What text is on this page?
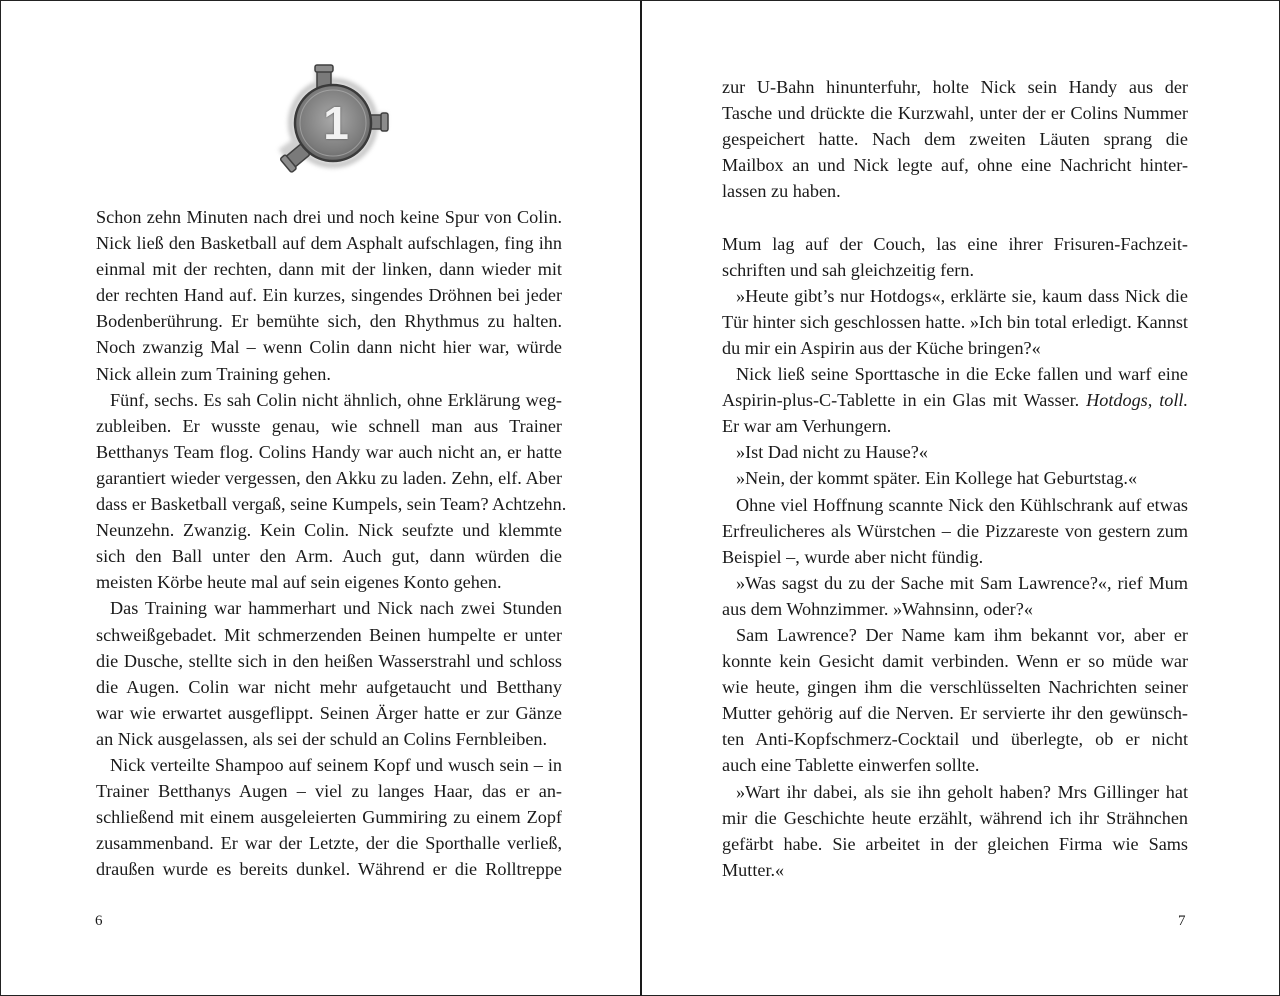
1
Schon zehn Minuten nach drei und noch keine Spur von Colin.
Nick ließ den Basketball auf dem Asphalt aufschlagen, fing ihn
einmal mit der rechten, dann mit der linken, dann wieder mit
der rechten Hand auf. Ein kurzes, singendes Dröhnen bei jeder
Bodenberührung. Er bemühte sich, den Rhythmus zu halten.
Noch zwanzig Mal – wenn Colin dann nicht hier war, würde
Nick allein zum Training gehen.
Fünf, sechs. Es sah Colin nicht ähnlich, ohne Erklärung weg-
zubleiben. Er wusste genau, wie schnell man aus Trainer
Betthanys Team flog. Colins Handy war auch nicht an, er hatte
garantiert wieder vergessen, den Akku zu laden. Zehn, elf. Aber
dass er Basketball vergaß, seine Kumpels, sein Team? Achtzehn.
Neunzehn. Zwanzig. Kein Colin. Nick seufzte und klemmte
sich den Ball unter den Arm. Auch gut, dann würden die
meisten Körbe heute mal auf sein eigenes Konto gehen.
Das Training war hammerhart und Nick nach zwei Stunden
schweißgebadet. Mit schmerzenden Beinen humpelte er unter
die Dusche, stellte sich in den heißen Wasserstrahl und schloss
die Augen. Colin war nicht mehr aufgetaucht und Betthany
war wie erwartet ausgeflippt. Seinen Ärger hatte er zur Gänze
an Nick ausgelassen, als sei der schuld an Colins Fernbleiben.
Nick verteilte Shampoo auf seinem Kopf und wusch sein – in
Trainer Betthanys Augen – viel zu langes Haar, das er an-
schließend mit einem ausgeleierten Gummiring zu einem Zopf
zusammenband. Er war der Letzte, der die Sporthalle verließ,
draußen wurde es bereits dunkel. Während er die Rolltreppe
6
zur U-Bahn hinunterfuhr, holte Nick sein Handy aus der
Tasche und drückte die Kurzwahl, unter der er Colins Nummer
gespeichert hatte. Nach dem zweiten Läuten sprang die
Mailbox an und Nick legte auf, ohne eine Nachricht hinter-
lassen zu haben.
Mum lag auf der Couch, las eine ihrer Frisuren-Fachzeit-
schriften und sah gleichzeitig fern.
»Heute gibt’s nur Hotdogs«, erklärte sie, kaum dass Nick die
Tür hinter sich geschlossen hatte. »Ich bin total erledigt. Kannst
du mir ein Aspirin aus der Küche bringen?«
Nick ließ seine Sporttasche in die Ecke fallen und warf eine
Aspirin-plus-C-Tablette in ein Glas mit Wasser. Hotdogs, toll.
Er war am Verhungern.
»Ist Dad nicht zu Hause?«
»Nein, der kommt später. Ein Kollege hat Geburtstag.«
Ohne viel Hoffnung scannte Nick den Kühlschrank auf etwas
Erfreulicheres als Würstchen – die Pizzareste von gestern zum
Beispiel –, wurde aber nicht fündig.
»Was sagst du zu der Sache mit Sam Lawrence?«, rief Mum
aus dem Wohnzimmer. »Wahnsinn, oder?«
Sam Lawrence? Der Name kam ihm bekannt vor, aber er
konnte kein Gesicht damit verbinden. Wenn er so müde war
wie heute, gingen ihm die verschlüsselten Nachrichten seiner
Mutter gehörig auf die Nerven. Er servierte ihr den gewünsch-
ten Anti-Kopfschmerz-Cocktail und überlegte, ob er nicht
auch eine Tablette einwerfen sollte.
»Wart ihr dabei, als sie ihn geholt haben? Mrs Gillinger hat
mir die Geschichte heute erzählt, während ich ihr Strähnchen
gefärbt habe. Sie arbeitet in der gleichen Firma wie Sams
Mutter.«
7
